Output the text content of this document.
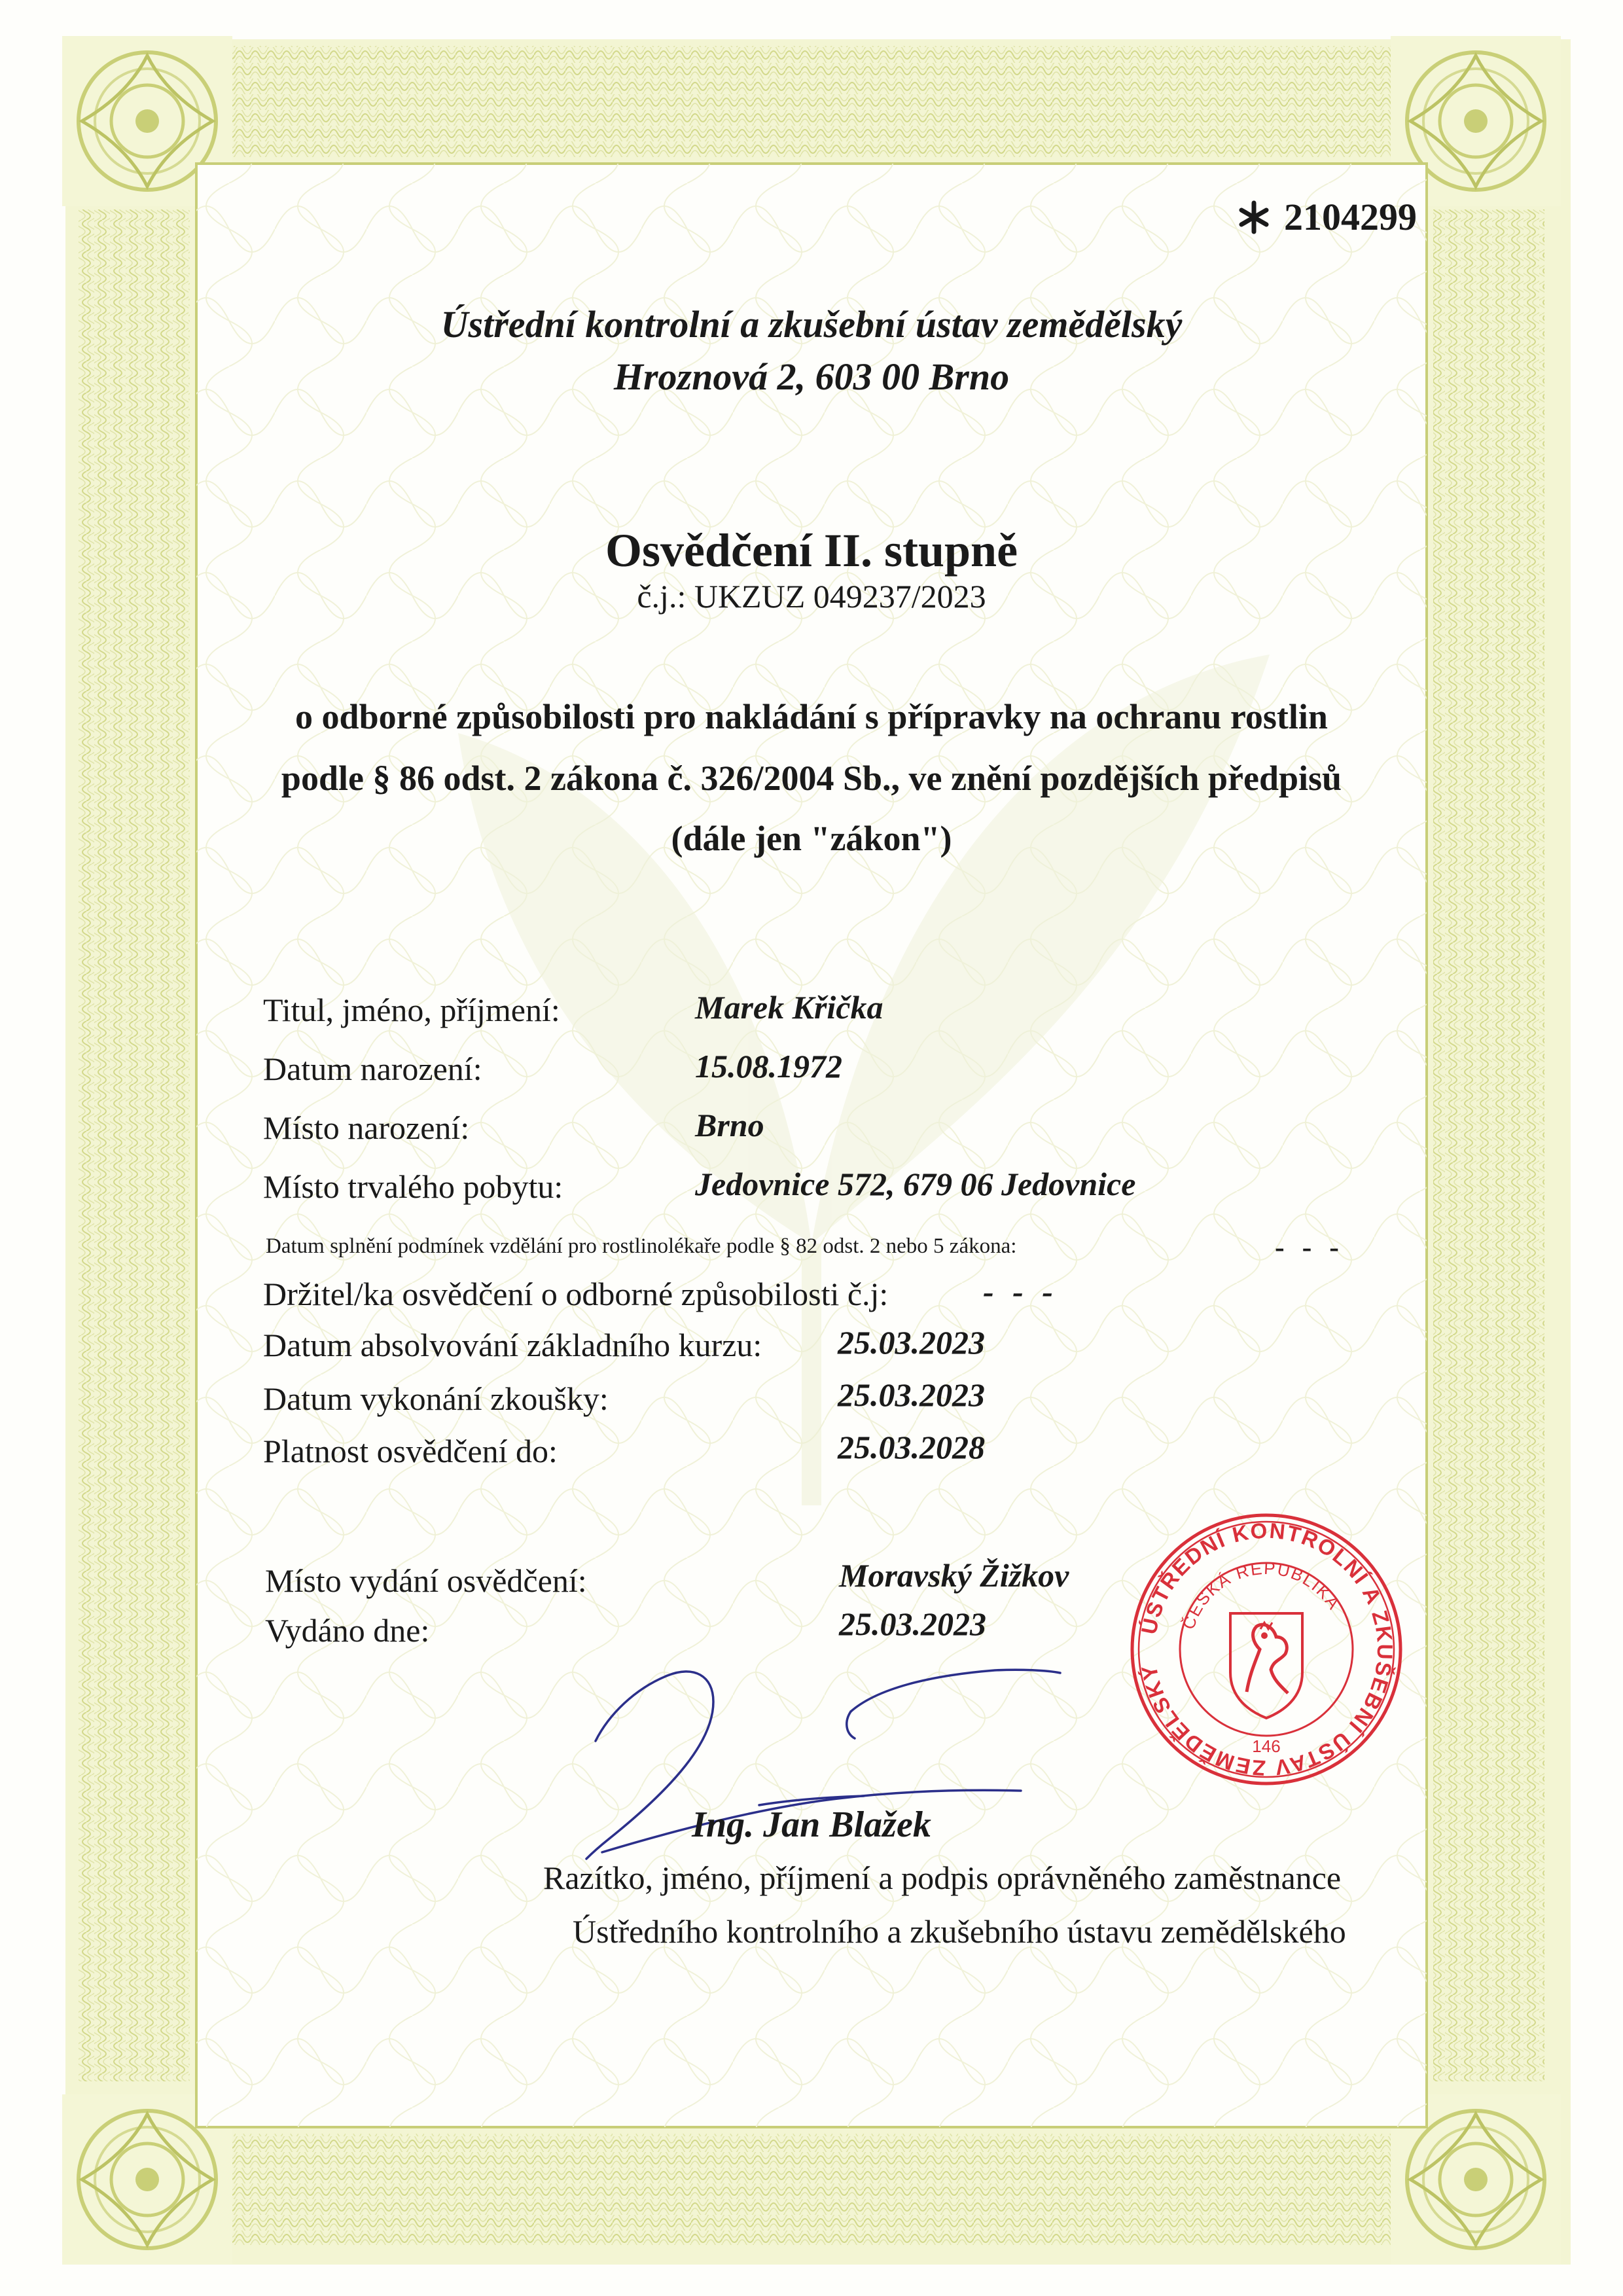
2104299
Ústřední kontrolní a zkušební ústav zemědělský
Hroznová 2, 603 00 Brno
Osvědčení II. stupně
č.j.: UKZUZ 049237/2023
o odborné způsobilosti pro nakládání s přípravky na ochranu rostlin
podle § 86 odst. 2 zákona č. 326/2004 Sb., ve znění pozdějších předpisů
(dále jen "zákon")
Titul, jméno, příjmení:	Marek Křička
Datum narození:	15.08.1972
Místo narození:	Brno
Místo trvalého pobytu:	Jedovnice 572, 679 06 Jedovnice
Datum splnění podmínek vzdělání pro rostlinolékaře podle § 82 odst. 2 nebo 5 zákona:	- - -
Držitel/ka osvědčení o odborné způsobilosti č.j:	- - -
Datum absolvování základního kurzu: 25.03.2023
Datum vykonání zkoušky:	25.03.2023
Platnost osvědčení do:	25.03.2028
Místo vydání osvědčení:	Moravský Žižkov
Vydáno dne:	25.03.2023	ÚSTŘEDNÍ KONTROLNÍ A ZKUŠEBNÍ ÚSTAV ZEMĚDĚLSKÝ
ČESKÁ REPUBLIKA
146
Ing. Jan Blažek
Razítko, jméno, příjmení a podpis oprávněného zaměstnance
Ústředního kontrolního a zkušebního ústavu zemědělského
